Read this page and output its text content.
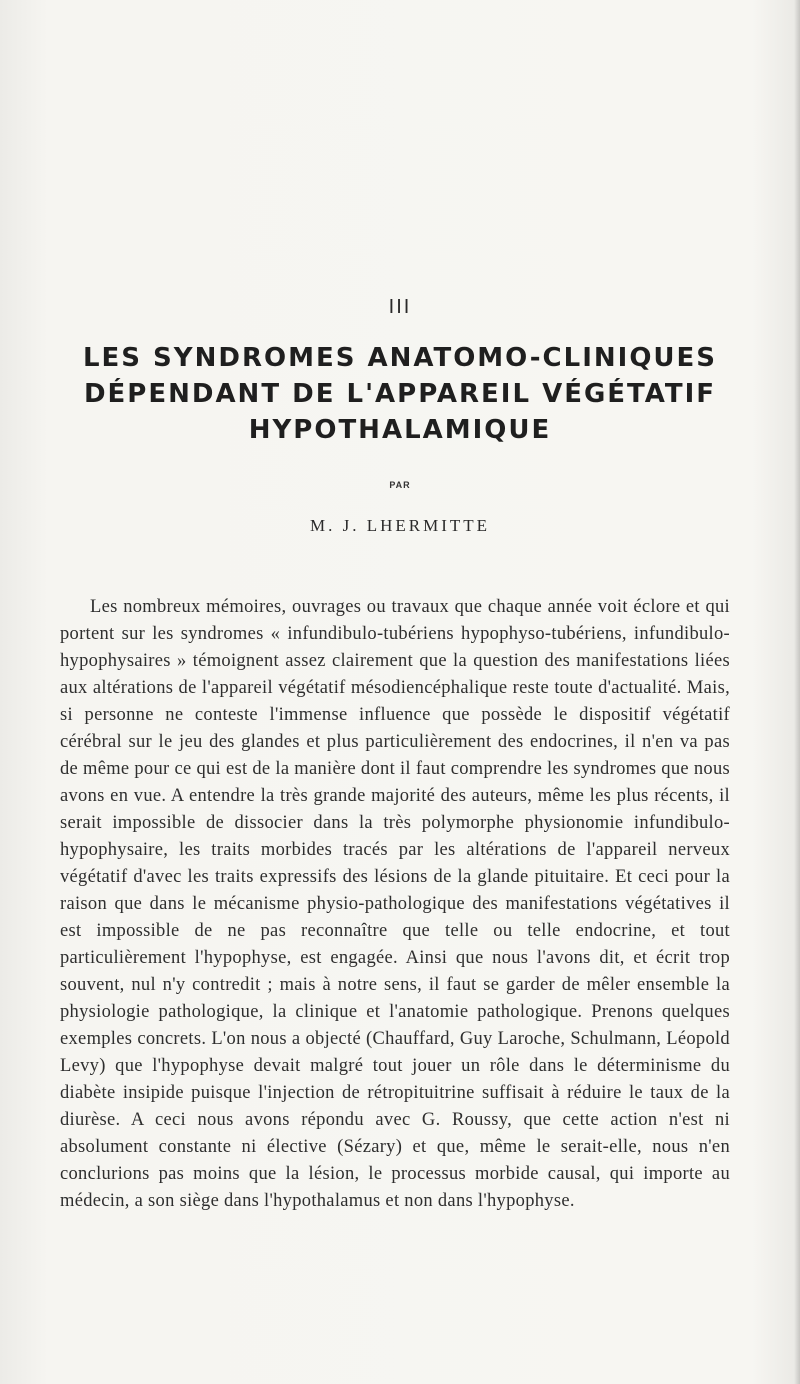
III
LES SYNDROMES ANATOMO-CLINIQUES
DÉPENDANT DE L'APPAREIL VÉGÉTATIF
HYPOTHALAMIQUE
PAR
M. J. LHERMITTE

Les nombreux mémoires, ouvrages ou travaux que chaque année voit éclore et qui portent sur les syndromes « infundibulo-tubériens hypophyso-tubériens, infundibulo-hypophysaires » témoignent assez clairement que la question des manifestations liées aux altérations de l'appareil végétatif mésodiencéphalique reste toute d'actualité. Mais, si personne ne conteste l'immense influence que possède le dispositif végétatif cérébral sur le jeu des glandes et plus particulièrement des endocrines, il n'en va pas de même pour ce qui est de la manière dont il faut comprendre les syndromes que nous avons en vue. A entendre la très grande majorité des auteurs, même les plus récents, il serait impossible de dissocier dans la très polymorphe physionomie infundibulo-hypophysaire, les traits morbides tracés par les altérations de l'appareil nerveux végétatif d'avec les traits expressifs des lésions de la glande pituitaire. Et ceci pour la raison que dans le mécanisme physio-pathologique des manifestations végétatives il est impossible de ne pas reconnaître que telle ou telle endocrine, et tout particulièrement l'hypophyse, est engagée. Ainsi que nous l'avons dit, et écrit trop souvent, nul n'y contredit ; mais à notre sens, il faut se garder de mêler ensemble la physiologie pathologique, la clinique et l'anatomie pathologique. Prenons quelques exemples concrets. L'on nous a objecté (Chauffard, Guy Laroche, Schulmann, Léopold Levy) que l'hypophyse devait malgré tout jouer un rôle dans le déterminisme du diabète insipide puisque l'injection de rétropituitrine suffisait à réduire le taux de la diurèse. A ceci nous avons répondu avec G. Roussy, que cette action n'est ni absolument constante ni élective (Sézary) et que, même le serait-elle, nous n'en conclurions pas moins que la lésion, le processus morbide causal, qui importe au médecin, a son siège dans l'hypothalamus et non dans l'hypophyse.
